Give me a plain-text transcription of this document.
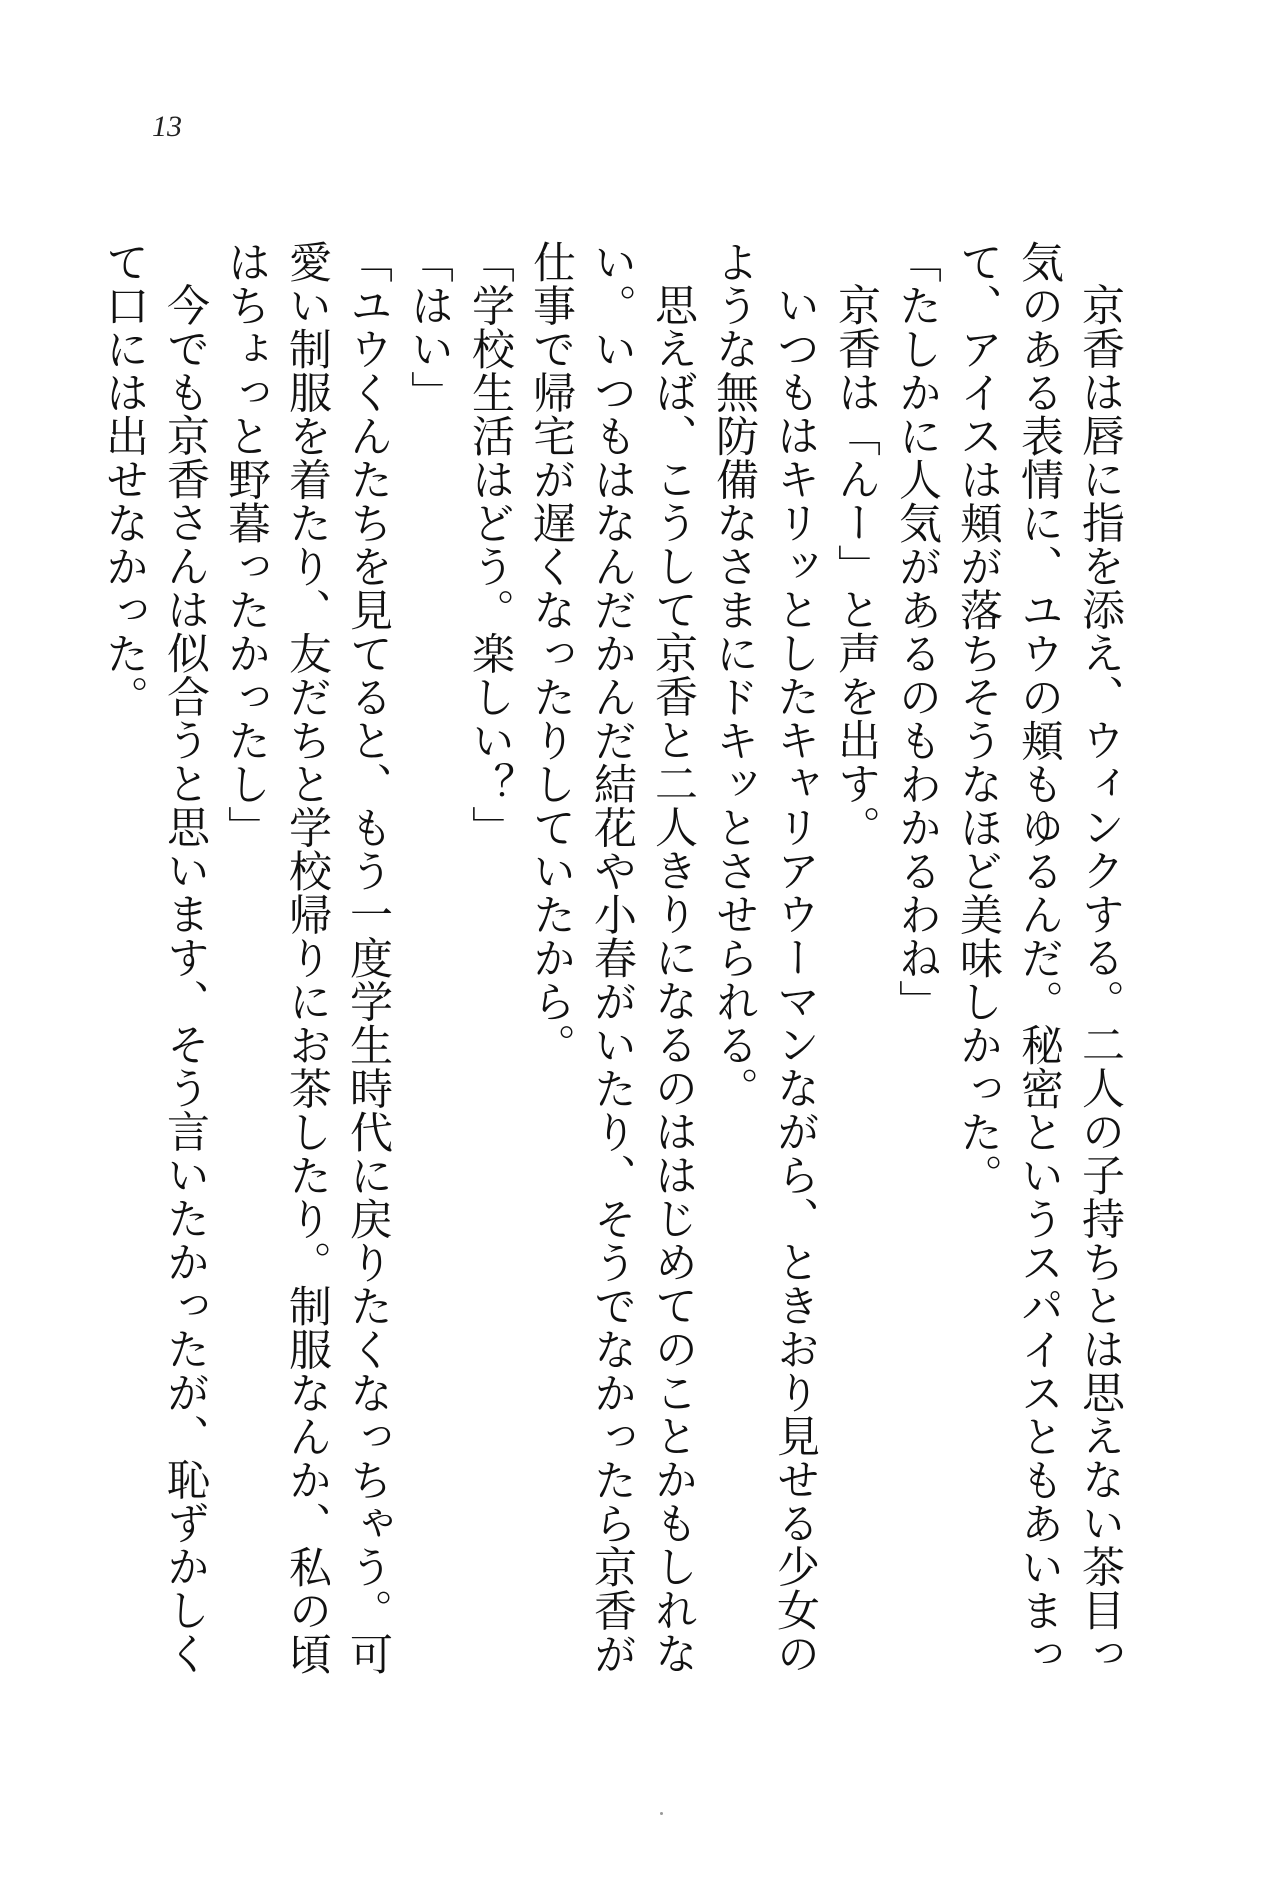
13

京香は唇に指を添え、ウィンクする。二人の子持ちとは思えない茶目っ気のある表情に、ユウの頬もゆるんだ。秘密というスパイスともあいまって、アイスは頬が落ちそうなほど美味しかった。

「たしかに人気があるのもわかるわね」

京香は「んー」と声を出す。

いつもはキリッとしたキャリアウーマンながら、ときおり見せる少女のような無防備なさまにドキッとさせられる。

思えば、こうして京香と二人きりになるのははじめてのことかもしれない。いつもはなんだかんだ結花や小春がいたり、そうでなかったら京香が仕事で帰宅が遅くなったりしていたから。

「学校生活はどう。楽しい？」

「はい」

「ユウくんたちを見てると、もう一度学生時代に戻りたくなっちゃう。可愛い制服を着たり、友だちと学校帰りにお茶したり。制服なんか、私の頃はちょっと野暮ったかったし」

今でも京香さんは似合うと思います、そう言いたかったが、恥ずかしくて口には出せなかった。
